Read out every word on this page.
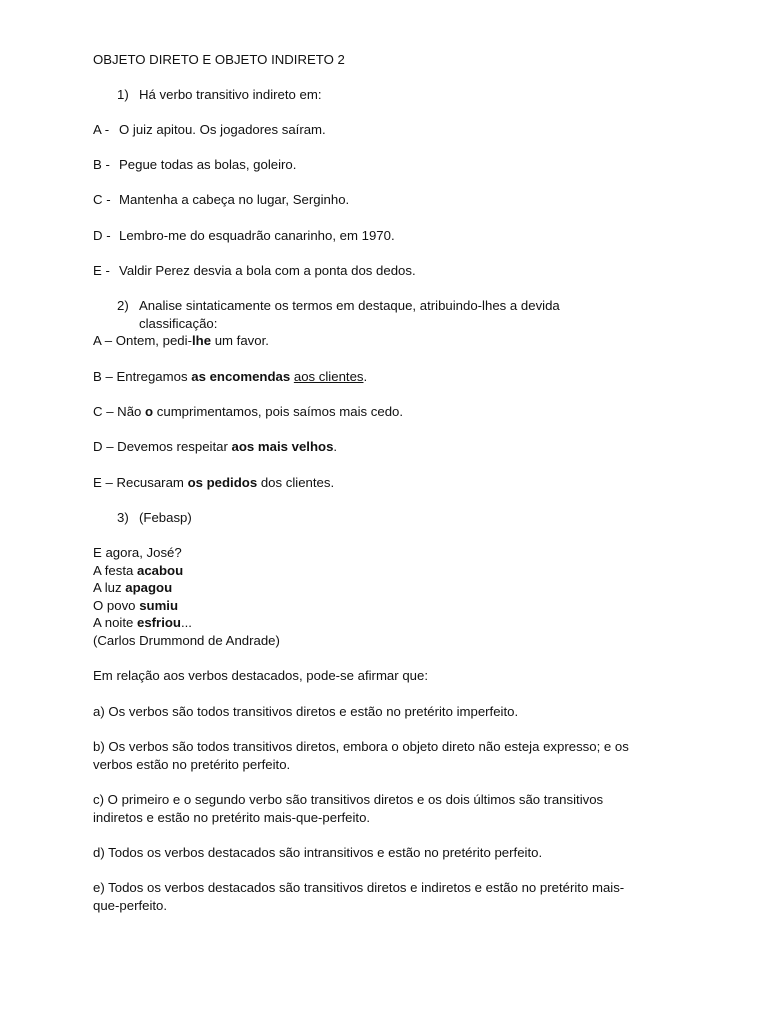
OBJETO DIRETO E OBJETO INDIRETO 2
1) Há verbo transitivo indireto em:
A - O juiz apitou. Os jogadores saíram.
B - Pegue todas as bolas, goleiro.
C - Mantenha a cabeça no lugar, Serginho.
D - Lembro-me do esquadrão canarinho, em 1970.
E - Valdir Perez desvia a bola com a ponta dos dedos.
2) Analise sintaticamente os termos em destaque, atribuindo-lhes a devida
classificação:
A – Ontem, pedi-lhe um favor.
B – Entregamos as encomendas aos clientes.
C – Não o cumprimentamos, pois saímos mais cedo.
D – Devemos respeitar aos mais velhos.
E – Recusaram os pedidos dos clientes.
3) (Febasp)
E agora, José?
A festa acabou
A luz apagou
O povo sumiu
A noite esfriou...
(Carlos Drummond de Andrade)
Em relação aos verbos destacados, pode-se afirmar que:
a) Os verbos são todos transitivos diretos e estão no pretérito imperfeito.
b) Os verbos são todos transitivos diretos, embora o objeto direto não esteja expresso; e os
verbos estão no pretérito perfeito.
c) O primeiro e o segundo verbo são transitivos diretos e os dois últimos são transitivos
indiretos e estão no pretérito mais-que-perfeito.
d) Todos os verbos destacados são intransitivos e estão no pretérito perfeito.
e) Todos os verbos destacados são transitivos diretos e indiretos e estão no pretérito mais-
que-perfeito.
